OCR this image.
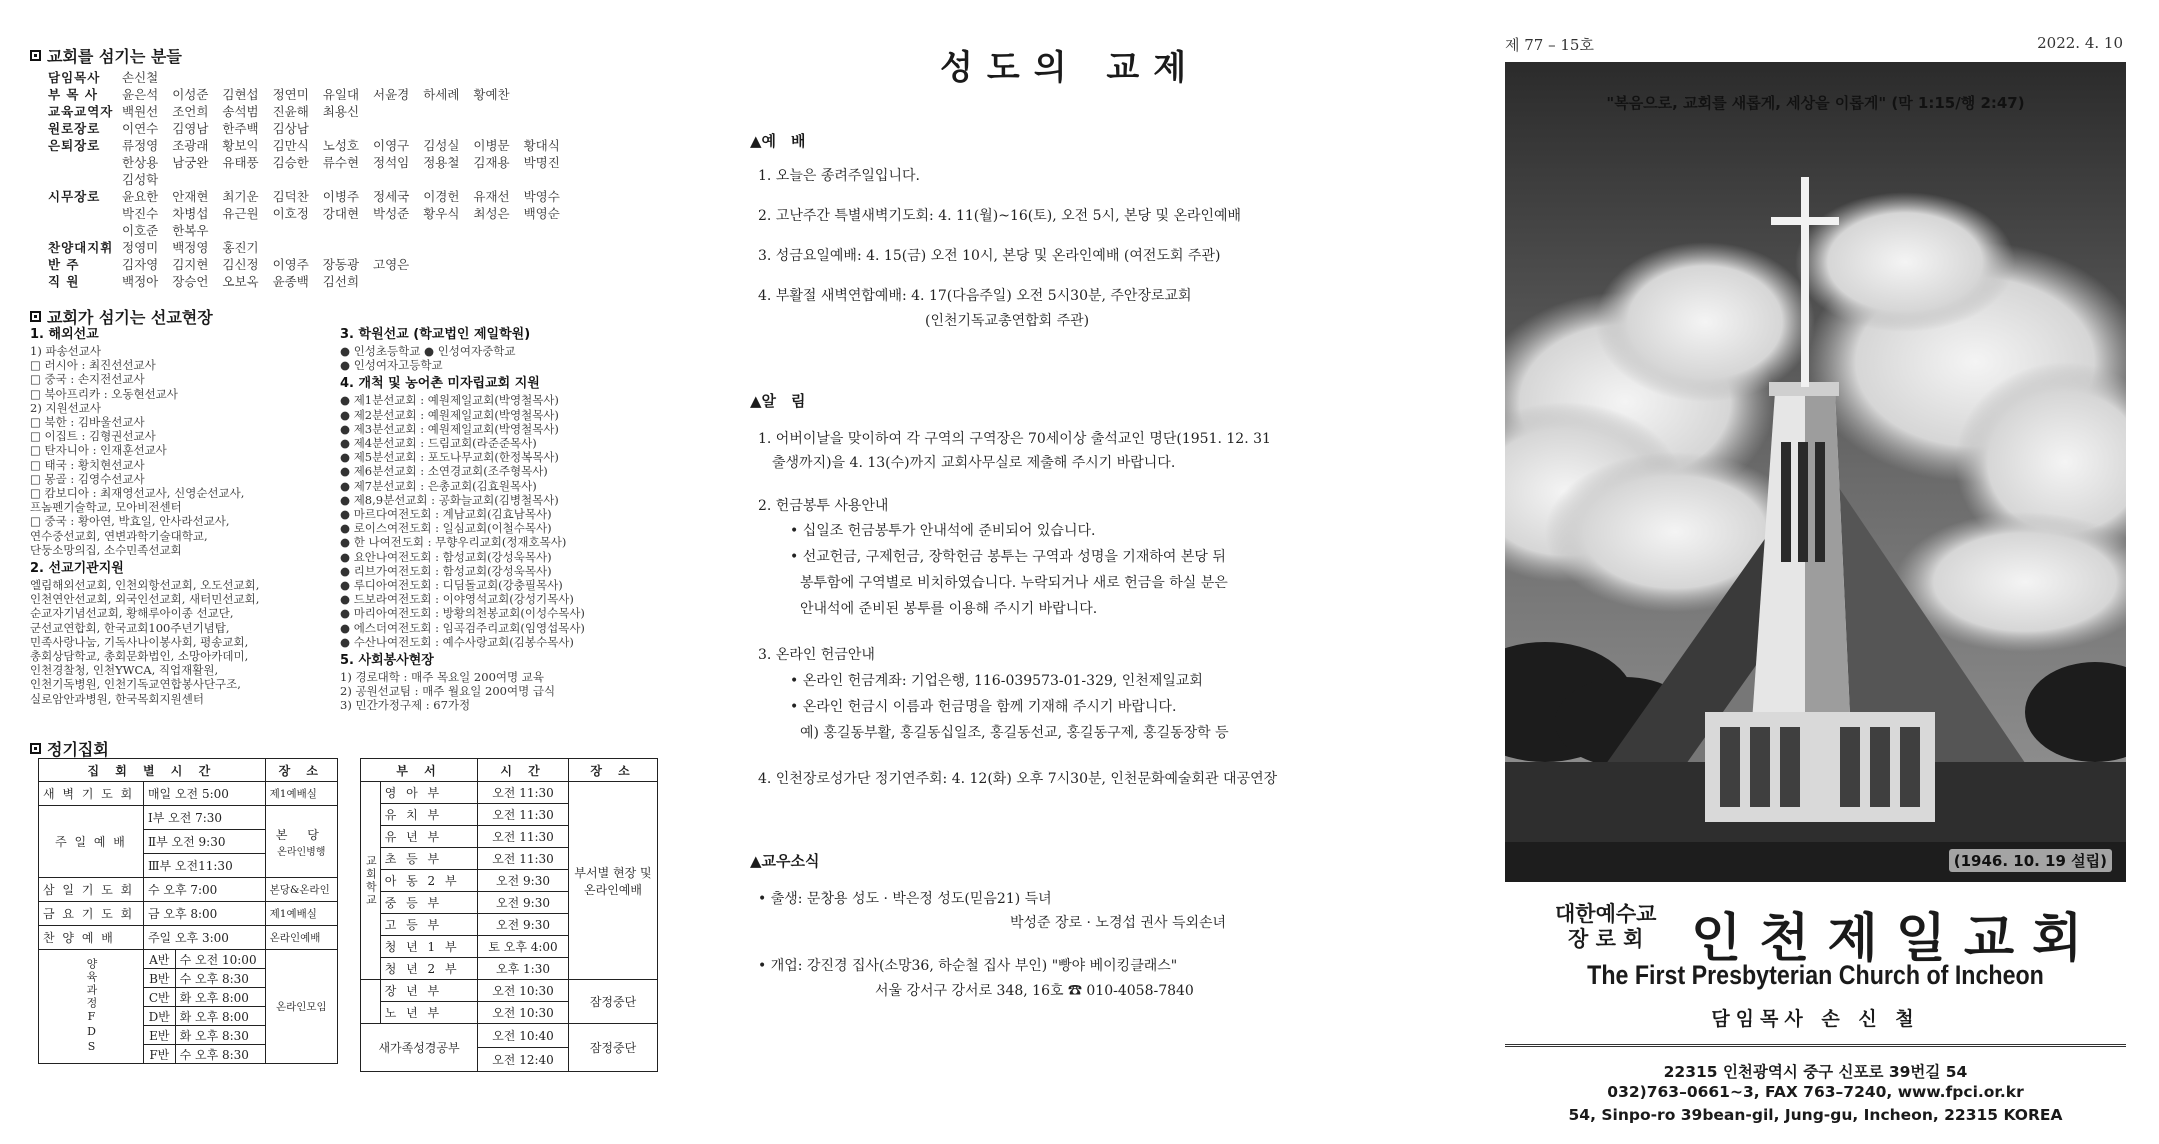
교회를 섬기는 분들
담임목사	손신철
부 목 사	윤은석 이성준 김현섭 정연미 유일대 서윤경 하세례 황예찬
교육교역자 백원선 조언희 송석범 진윤해 최용신
원로장로	이연수 김영남 한주백 김상남
은퇴장로	류정영 조광래 황보익 김만식 노성호 이영구 김성실 이병문 황대식
한상용 남궁완 유태풍 김승한 류수현 정석임 정용철 김재용 박명진
김성학
시무장로	윤요한 안재현 최기운 김덕찬 이병주 정세국 이경헌 유재선 박영수
박진수 차병섭 유근원 이호정 강대현 박성준 황우식 최성은 백영순
이호준 한복우
찬양대지휘 정영미 백정영 홍진기
반 주	김자영 김지현 김신정 이영주 장동광 고영은
직 원	백정아 장승언 오보옥 윤종백 김선희
교회가 섬기는 선교현장
1. 해외선교
1) 파송선교사
□ 러시아 : 최진선선교사
□ 중국 : 손지전선교사
□ 북아프리카 : 오동현선교사
2) 지원선교사
□ 북한 : 김바울선교사
□ 이집트 : 김형권선교사
□ 탄자니아 : 인재훈선교사
□ 태국 : 황치현선교사
□ 몽골 : 김영수선교사
□ 캄보디아 : 최재영선교사, 신영순선교사,
프놈펜기술학교, 모아비전센터
□ 중국 : 황아연, 박효일, 안사라선교사,
연수중선교회, 연변과학기술대학교,
단둥소망의집, 소수민족선교회
2. 선교기관지원
엘림해외선교회, 인천외항선교회, 오도선교회,
인천연안선교회, 외국인선교회, 새터민선교회,
순교자기념선교회, 황해루아이종 선교단,
군선교연합회, 한국교회100주년기념탑,
민족사랑나눔, 기독사나이봉사회, 평송교회,
총회상담학교, 총회문화법인, 소망아카데미,
인천경찰청, 인천YWCA, 직업재활원,
인천기독병원, 인천기독교연합봉사단구조,
실로암안과병원, 한국목회지원센터
3. 학원선교 (학교법인 제일학원)
● 인성초등학교 ● 인성여자중학교
● 인성여자고등학교
4. 개척 및 농어촌 미자립교회 지원
● 제1분선교회 : 예원제일교회(박영철목사)
● 제2분선교회 : 예원제일교회(박영철목사)
● 제3분선교회 : 예원제일교회(박영철목사)
● 제4분선교회 : 드림교회(라준준목사)
● 제5분선교회 : 포도나무교회(한정복목사)
● 제6분선교회 : 소연경교회(조주형목사)
● 제7분선교회 : 은총교회(김효원목사)
● 제8,9분선교회 : 공화늘교회(김병철목사)
● 마르다여전도회 : 계남교회(김효남목사)
● 로이스여전도회 : 일심교회(이철수목사)
● 한 나여전도회 : 무향우리교회(정재호목사)
● 요안나여전도회 : 함성교회(강성욱목사)
● 리브가여전도회 : 함성교회(강성욱목사)
● 루디아여전도회 : 디딤돌교회(강충필목사)
● 드보라여전도회 : 이야영석교회(강성기목사)
● 마리아여전도회 : 방황의천봉교회(이성수목사)
● 에스더여전도회 : 임곡검주리교회(임영섭목사)
● 수산나여전도회 : 예수사랑교회(김봉수목사)
5. 사회봉사현장
1) 경로대학 : 매주 목요일 200여명 교육
2) 공원선교팀 : 매주 월요일 200여명 급식
3) 민간가정구제 : 67가정
정기집회
집 회 별 시 간			장 소
새 벽 기 도 회	매일 오전 5:00		제1예배실
주 일 예 배	Ⅰ부 오전 7:30		본 당
온라인병행

	Ⅱ부 오전 9:30		
	Ⅲ부 오전11:30		
삼 일 기 도 회	수 오후 7:00		본당&온라인
금 요 기 도 회	금 오후 8:00		제1예배실
찬 양 예 배	주일 오후 3:00		온라인예배
양육과정FDS	A반	수 오전 10:00	온라인모임
	B반	수 오후 8:30	
	C반	화 오후 8:00	
	D반	화 오후 8:00	
	E반	화 오후 8:30	
	F반	수 오후 8:30	
부 서		시 간	장 소
교회학교	영 아 부	오전 11:30	부서별 현장 및 온라인예배
	유 치 부	오전 11:30	
	유 년 부	오전 11:30	
	초 등 부	오전 11:30	
	아 동 2 부	오전 9:30	
	중 등 부	오전 9:30	
	고 등 부	오전 9:30	
	청 년 1 부	토 오후 4:00	
	청 년 2 부	오후 1:30	
	장 년 부	오전 10:30	잠정중단
	노 년 부	오전 10:30	
새가족성경공부		오전 10:40	잠정중단
		오전 12:40	
성도의 교제
▲예　배
1. 오늘은 종려주일입니다.
2. 고난주간 특별새벽기도회: 4. 11(월)~16(토), 오전 5시, 본당 및 온라인예배
3. 성금요일예배: 4. 15(금) 오전 10시, 본당 및 온라인예배 (여전도회 주관)
4. 부활절 새벽연합예배: 4. 17(다음주일) 오전 5시30분, 주안장로교회
(인천기독교총연합회 주관)
▲알　림
1. 어버이날을 맞이하여 각 구역의 구역장은 70세이상 출석교인 명단(1951. 12. 31
출생까지)을 4. 13(수)까지 교회사무실로 제출해 주시기 바랍니다.
2. 헌금봉투 사용안내
• 십일조 헌금봉투가 안내석에 준비되어 있습니다.
• 선교헌금, 구제헌금, 장학헌금 봉투는 구역과 성명을 기재하여 본당 뒤
봉투함에 구역별로 비치하였습니다. 누락되거나 새로 헌금을 하실 분은
안내석에 준비된 봉투를 이용해 주시기 바랍니다.
3. 온라인 헌금안내
• 온라인 헌금계좌: 기업은행, 116-039573-01-329, 인천제일교회
• 온라인 헌금시 이름과 헌금명을 함께 기재해 주시기 바랍니다.
예) 홍길동부활, 홍길동십일조, 홍길동선교, 홍길동구제, 홍길동장학 등
4. 인천장로성가단 정기연주회: 4. 12(화) 오후 7시30분, 인천문화예술회관 대공연장
▲교우소식
• 출생: 문창용 성도 · 박은정 성도(믿음21) 득녀
박성준 장로 · 노경섭 권사 득외손녀
• 개업: 강진경 집사(소망36, 하순철 집사 부인) "빵야 베이킹클래스"
서울 강서구 강서로 348, 16호 ☎ 010-4058-7840
제 77 – 15호	2022. 4. 10
"복음으로, 교회를 새롭게, 세상을 이롭게" (막 1:15/행 2:47)
(1946. 10. 19 설립)
대한예수교
장 로 회 인천제일교회
The First Presbyterian Church of Incheon
담임목사 손 신 철
22315 인천광역시 중구 신포로 39번길 54
032)763–0661~3, FAX 763–7240, www.fpci.or.kr
54, Sinpo-ro 39bean-gil, Jung-gu, Incheon, 22315 KOREA
